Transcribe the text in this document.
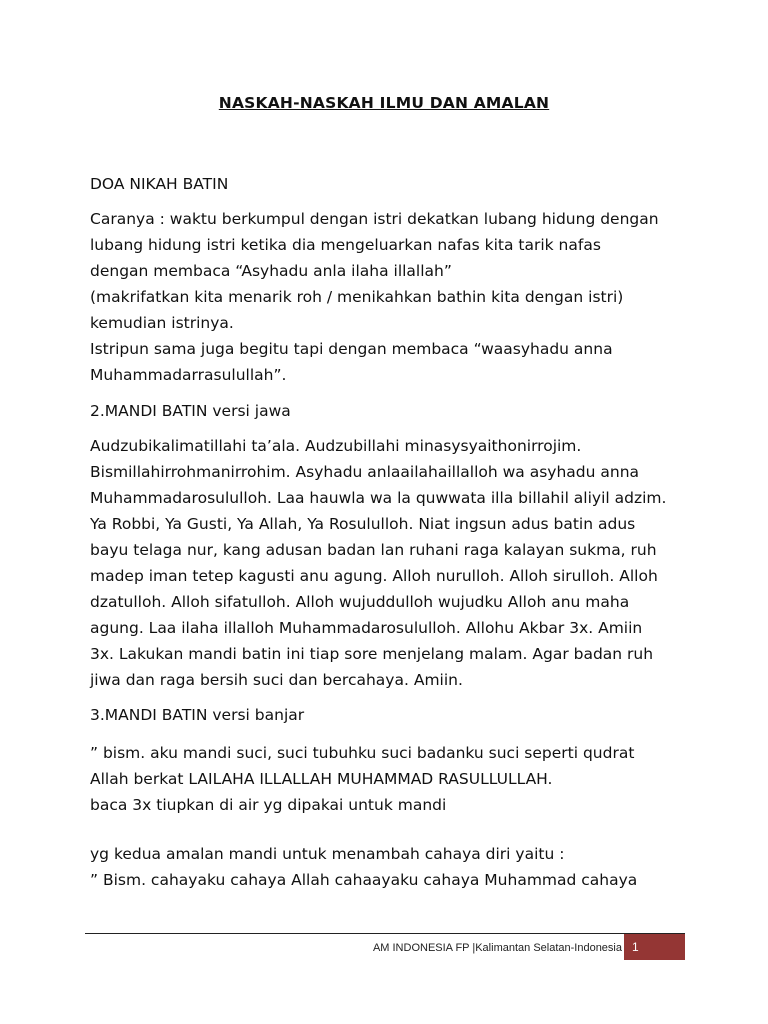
NASKAH-NASKAH ILMU DAN AMALAN
DOA NIKAH BATIN
Caranya : waktu berkumpul dengan istri dekatkan lubang hidung dengan
lubang hidung istri ketika dia mengeluarkan nafas kita tarik nafas
dengan membaca “Asyhadu anla ilaha illallah”
(makrifatkan kita menarik roh / menikahkan bathin kita dengan istri)
kemudian istrinya.
Istripun sama juga begitu tapi dengan membaca “waasyhadu anna
Muhammadarrasulullah”.
2.MANDI BATIN versi jawa
Audzubikalimatillahi ta’ala. Audzubillahi minasysyaithonirrojim.
Bismillahirrohmanirrohim. Asyhadu anlaailahaillalloh wa asyhadu anna
Muhammadarosululloh. Laa hauwla wa la quwwata illa billahil aliyil adzim.
Ya Robbi, Ya Gusti, Ya Allah, Ya Rosululloh. Niat ingsun adus batin adus
bayu telaga nur, kang adusan badan lan ruhani raga kalayan sukma, ruh
madep iman tetep kagusti anu agung. Alloh nurulloh. Alloh sirulloh. Alloh
dzatulloh. Alloh sifatulloh. Alloh wujuddulloh wujudku Alloh anu maha
agung. Laa ilaha illalloh Muhammadarosululloh. Allohu Akbar 3x. Amiin
3x. Lakukan mandi batin ini tiap sore menjelang malam. Agar badan ruh
jiwa dan raga bersih suci dan bercahaya. Amiin.
3.MANDI BATIN versi banjar
” bism. aku mandi suci, suci tubuhku suci badanku suci seperti qudrat
Allah berkat LAILAHA ILLALLAH MUHAMMAD RASULLULLAH.
baca 3x tiupkan di air yg dipakai untuk mandi
yg kedua amalan mandi untuk menambah cahaya diri yaitu :
” Bism. cahayaku cahaya Allah cahaayaku cahaya Muhammad cahaya
AM INDONESIA FP |Kalimantan Selatan-Indonesia 1
